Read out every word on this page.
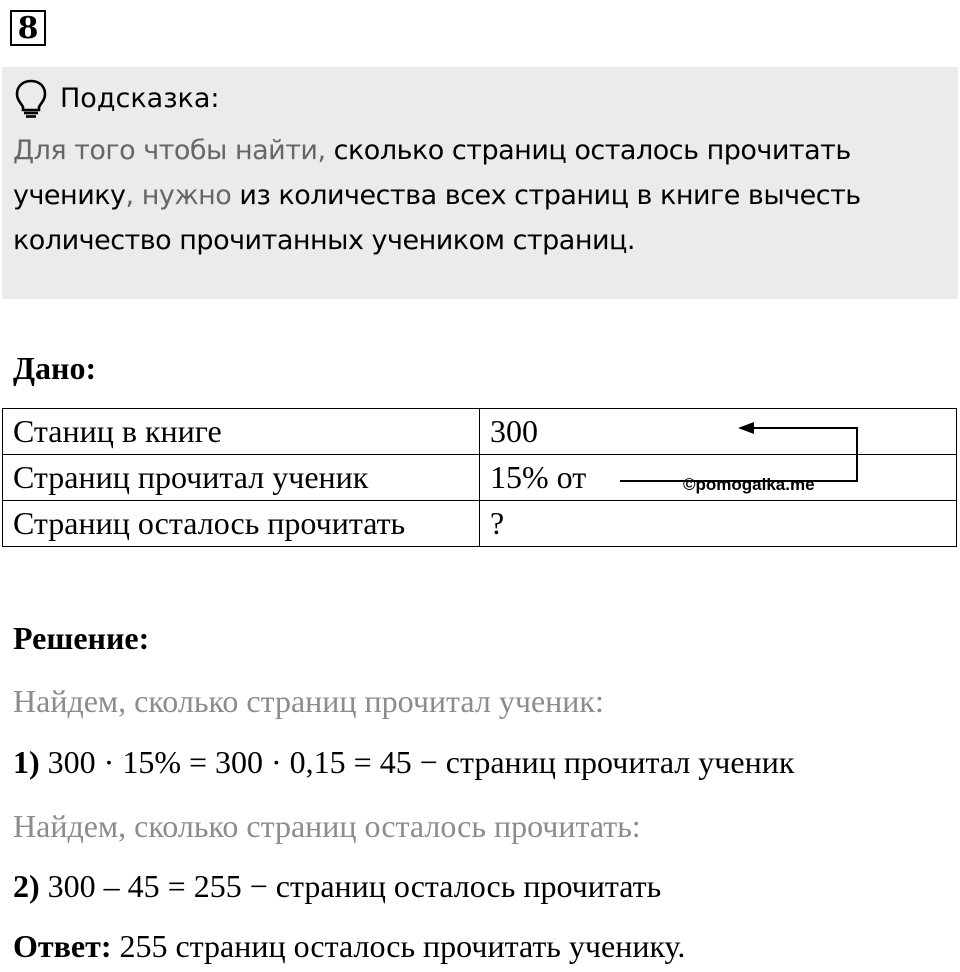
8
Подсказка:
Для того чтобы найти, сколько страниц осталось прочитать ученику, нужно из количества всех страниц в книге вычесть количество прочитанных учеником страниц.
Дано:
Станиц в книге	300
Страниц прочитал ученик	15% от
Страниц осталось прочитать	?
©pomogalka.me
Решение:
Найдем, сколько страниц прочитал ученик:
1) 300 · 15% = 300 · 0,15 = 45 − страниц прочитал ученик
Найдем, сколько страниц осталось прочитать:
2) 300 – 45 = 255 − страниц осталось прочитать
Ответ: 255 страниц осталось прочитать ученику.
